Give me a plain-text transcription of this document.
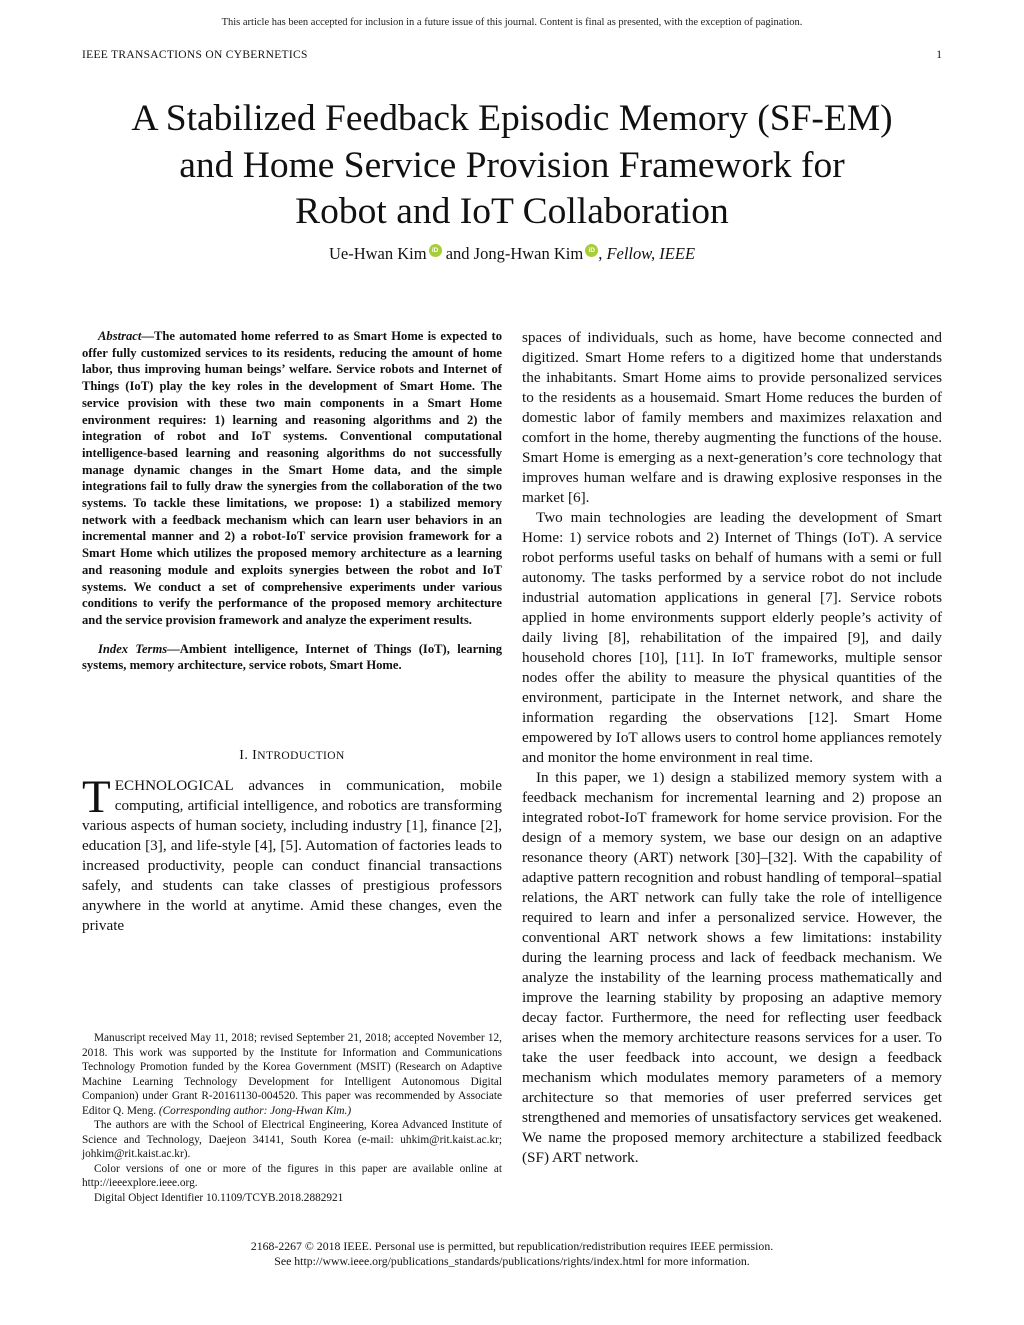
This article has been accepted for inclusion in a future issue of this journal. Content is final as presented, with the exception of pagination.
IEEE TRANSACTIONS ON CYBERNETICS	1
A Stabilized Feedback Episodic Memory (SF-EM)
and Home Service Provision Framework for
Robot and IoT Collaboration
Ue-Hwan Kim iD and Jong-Hwan Kim iD , Fellow, IEEE

Abstract—The automated home referred to as Smart Home is expected to offer fully customized services to its residents, reducing the amount of home labor, thus improving human beings’ welfare. Service robots and Internet of Things (IoT) play the key roles in the development of Smart Home. The service provision with these two main components in a Smart Home environment requires: 1) learning and reasoning algorithms and 2) the integration of robot and IoT systems. Conventional computational intelligence-based learning and reasoning algorithms do not successfully manage dynamic changes in the Smart Home data, and the simple integrations fail to fully draw the synergies from the collaboration of the two systems. To tackle these limitations, we propose: 1) a stabilized memory network with a feedback mechanism which can learn user behaviors in an incremental manner and 2) a robot-IoT service provision framework for a Smart Home which utilizes the proposed memory architecture as a learning and reasoning module and exploits synergies between the robot and IoT systems. We conduct a set of comprehensive experiments under various conditions to verify the performance of the proposed memory architecture and the service provision framework and analyze the experiment results.

Index Terms—Ambient intelligence, Internet of Things (IoT), learning systems, memory architecture, service robots, Smart Home.

I. INTRODUCTION

TECHNOLOGICAL advances in communication, mobile computing, artificial intelligence, and robotics are transforming various aspects of human society, including industry [1], finance [2], education [3], and life-style [4], [5]. Automation of factories leads to increased productivity, people can conduct financial transactions safely, and students can take classes of prestigious professors anywhere in the world at anytime. Amid these changes, even the private

Manuscript received May 11, 2018; revised September 21, 2018; accepted November 12, 2018. This work was supported by the Institute for Information and Communications Technology Promotion funded by the Korea Government (MSIT) (Research on Adaptive Machine Learning Technology Development for Intelligent Autonomous Digital Companion) under Grant R-20161130-004520. This paper was recommended by Associate Editor Q. Meng. (Corresponding author: Jong-Hwan Kim.)

The authors are with the School of Electrical Engineering, Korea Advanced Institute of Science and Technology, Daejeon 34141, South Korea (e-mail: uhkim@rit.kaist.ac.kr; johkim@rit.kaist.ac.kr).

Color versions of one or more of the figures in this paper are available online at http://ieeexplore.ieee.org.

Digital Object Identifier 10.1109/TCYB.2018.2882921

spaces of individuals, such as home, have become connected and digitized. Smart Home refers to a digitized home that understands the inhabitants. Smart Home aims to provide personalized services to the residents as a housemaid. Smart Home reduces the burden of domestic labor of family members and maximizes relaxation and comfort in the home, thereby augmenting the functions of the house. Smart Home is emerging as a next-generation’s core technology that improves human welfare and is drawing explosive responses in the market [6].

Two main technologies are leading the development of Smart Home: 1) service robots and 2) Internet of Things (IoT). A service robot performs useful tasks on behalf of humans with a semi or full autonomy. The tasks performed by a service robot do not include industrial automation applications in general [7]. Service robots applied in home environments support elderly people’s activity of daily living [8], rehabilitation of the impaired [9], and daily household chores [10], [11]. In IoT frameworks, multiple sensor nodes offer the ability to measure the physical quantities of the environment, participate in the Internet network, and share the information regarding the observations [12]. Smart Home empowered by IoT allows users to control home appliances remotely and monitor the home environment in real time.

In this paper, we 1) design a stabilized memory system with a feedback mechanism for incremental learning and 2) propose an integrated robot-IoT framework for home service provision. For the design of a memory system, we base our design on an adaptive resonance theory (ART) network [30]–[32]. With the capability of adaptive pattern recognition and robust handling of temporal–spatial relations, the ART network can fully take the role of intelligence required to learn and infer a personalized service. However, the conventional ART network shows a few limitations: instability during the learning process and lack of feedback mechanism. We analyze the instability of the learning process mathematically and improve the learning stability by proposing an adaptive memory decay factor. Furthermore, the need for reflecting user feedback arises when the memory architecture reasons services for a user. To take the user feedback into account, we design a feedback mechanism which modulates memory parameters of a memory architecture so that memories of user preferred services get strengthened and memories of unsatisfactory services get weakened. We name the proposed memory architecture a stabilized feedback (SF) ART network.

2168-2267 © 2018 IEEE. Personal use is permitted, but republication/redistribution requires IEEE permission.
See http://www.ieee.org/publications_standards/publications/rights/index.html for more information.
